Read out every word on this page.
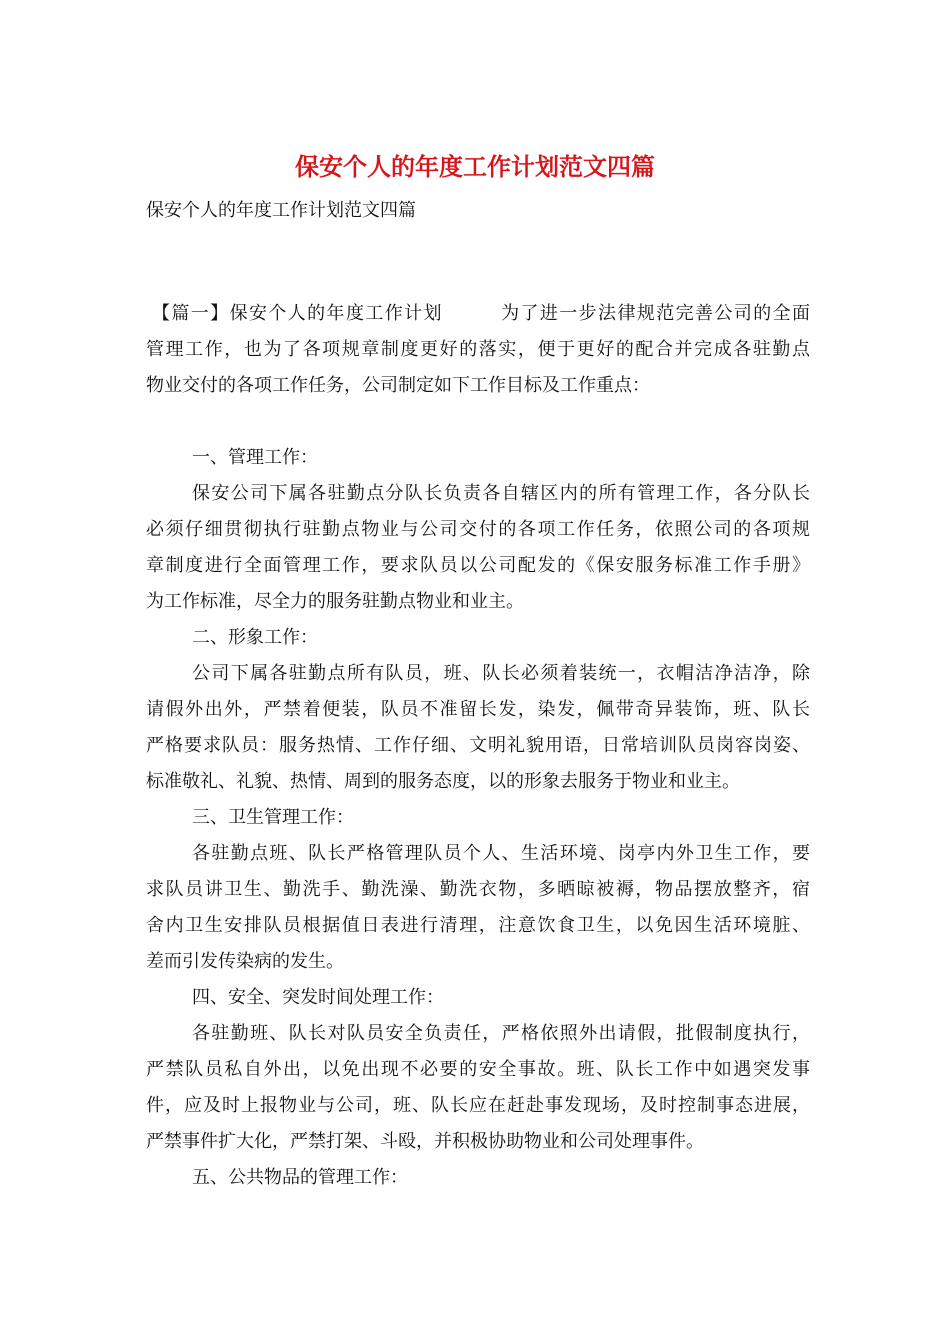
保安个人的年度工作计划范文四篇
保安个人的年度工作计划范文四篇
【篇一】保安个人的年度工作计划　　　为了进一步法律规范完善公司的全面
管理工作，也为了各项规章制度更好的落实，便于更好的配合并完成各驻勤点
物业交付的各项工作任务，公司制定如下工作目标及工作重点：
一、管理工作：
保安公司下属各驻勤点分队长负责各自辖区内的所有管理工作，各分队长
必须仔细贯彻执行驻勤点物业与公司交付的各项工作任务，依照公司的各项规
章制度进行全面管理工作，要求队员以公司配发的《保安服务标准工作手册》
为工作标准，尽全力的服务驻勤点物业和业主。
二、形象工作：
公司下属各驻勤点所有队员，班、队长必须着装统一，衣帽洁净洁净，除
请假外出外，严禁着便装，队员不准留长发，染发，佩带奇异装饰，班、队长
严格要求队员：服务热情、工作仔细、文明礼貌用语，日常培训队员岗容岗姿、
标准敬礼、礼貌、热情、周到的服务态度，以的形象去服务于物业和业主。
三、卫生管理工作：
各驻勤点班、队长严格管理队员个人、生活环境、岗亭内外卫生工作，要
求队员讲卫生、勤洗手、勤洗澡、勤洗衣物，多晒晾被褥，物品摆放整齐，宿
舍内卫生安排队员根据值日表进行清理，注意饮食卫生，以免因生活环境脏、
差而引发传染病的发生。
四、安全、突发时间处理工作：
各驻勤班、队长对队员安全负责任，严格依照外出请假，批假制度执行，
严禁队员私自外出，以免出现不必要的安全事故。班、队长工作中如遇突发事
件，应及时上报物业与公司，班、队长应在赶赴事发现场，及时控制事态进展，
严禁事件扩大化，严禁打架、斗殴，并积极协助物业和公司处理事件。
五、公共物品的管理工作：
